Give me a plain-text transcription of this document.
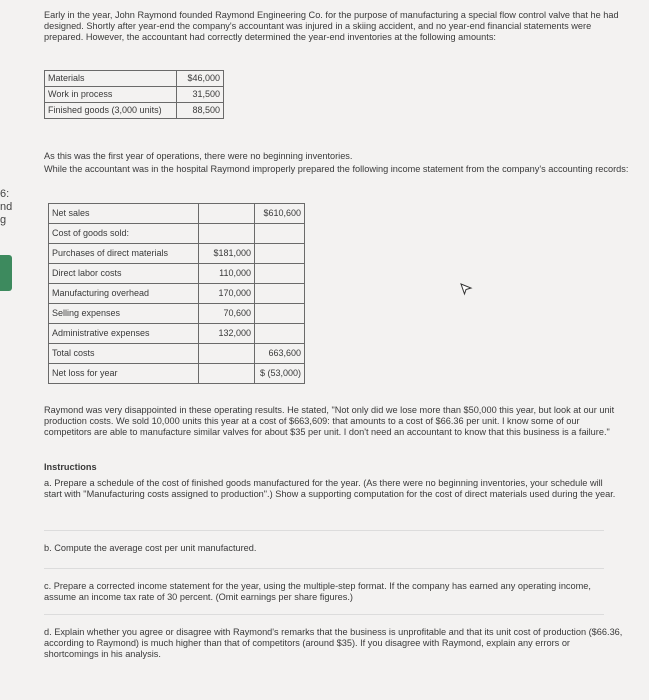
6:
nd
g

Early in the year, John Raymond founded Raymond Engineering Co. for the purpose of manufacturing a special flow control valve that he had designed. Shortly after year-end the company's accountant was injured in a skiing accident, and no year-end financial statements were prepared. However, the accountant had correctly determined the year-end inventories at the following amounts:

Materials	$46,000
Work in process	31,500
Finished goods (3,000 units)	88,500

As this was the first year of operations, there were no beginning inventories.

While the accountant was in the hospital Raymond improperly prepared the following income statement from the company's accounting records:

Net sales		$610,600
Cost of goods sold:		
Purchases of direct materials	$181,000	
Direct labor costs	110,000	
Manufacturing overhead	170,000	
Selling expenses	70,600	
Administrative expenses	132,000	
Total costs		663,600
Net loss for year		$ (53,000)

Raymond was very disappointed in these operating results. He stated, "Not only did we lose more than $50,000 this year, but look at our unit production costs. We sold 10,000 units this year at a cost of $663,609: that amounts to a cost of $66.36 per unit. I know some of our competitors are able to manufacture similar valves for about $35 per unit. I don't need an accountant to know that this business is a failure."

Instructions

a. Prepare a schedule of the cost of finished goods manufactured for the year. (As there were no beginning inventories, your schedule will start with "Manufacturing costs assigned to production".) Show a supporting computation for the cost of direct materials used during the year.

b. Compute the average cost per unit manufactured.

c. Prepare a corrected income statement for the year, using the multiple-step format. If the company has earned any operating income, assume an income tax rate of 30 percent. (Omit earnings per share figures.)

d. Explain whether you agree or disagree with Raymond's remarks that the business is unprofitable and that its unit cost of production ($66.36, according to Raymond) is much higher than that of competitors (around $35). If you disagree with Raymond, explain any errors or shortcomings in his analysis.
